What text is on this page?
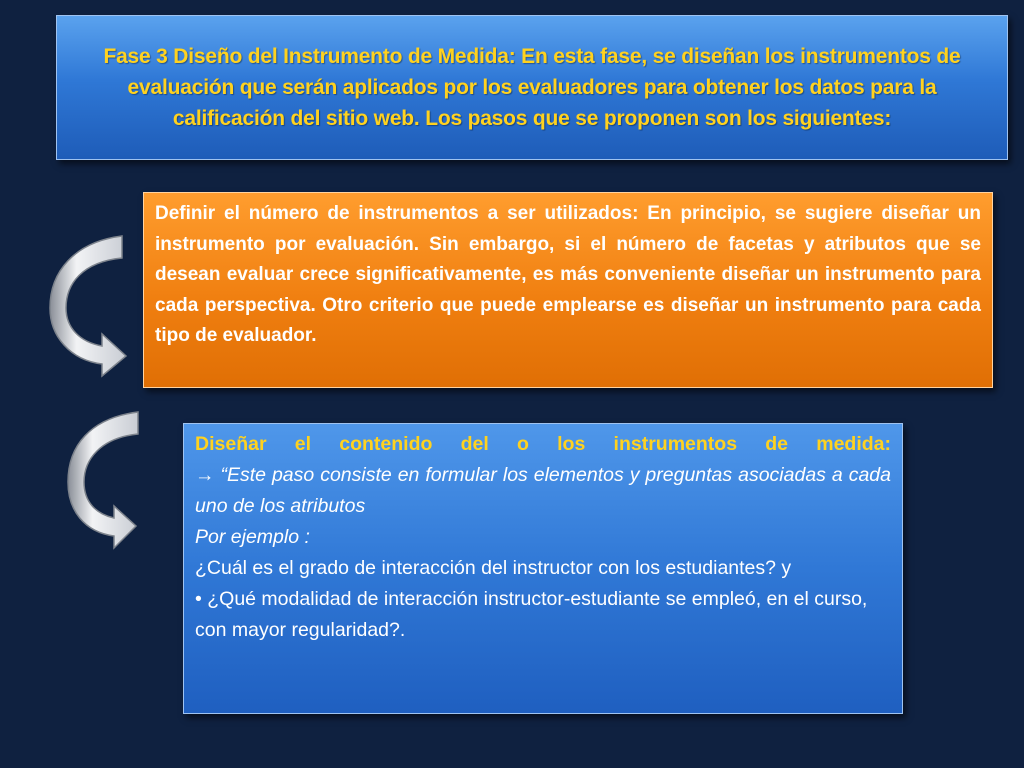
Fase 3 Diseño del Instrumento de Medida: En esta fase, se diseñan los instrumentos de evaluación que serán aplicados por los evaluadores para obtener los datos para la calificación del sitio web. Los pasos que se proponen son los siguientes:

Definir el número de instrumentos a ser utilizados: En principio, se sugiere diseñar un instrumento por evaluación. Sin embargo, si el número de facetas y atributos que se desean evaluar crece significativamente, es más conveniente diseñar un instrumento para cada perspectiva. Otro criterio que puede emplearse es diseñar un instrumento para cada tipo de evaluador.

Diseñar el contenido del o los instrumentos de medida:

→ “Este paso consiste en formular los elementos y preguntas asociadas a cada uno de los atributos

Por ejemplo :

¿Cuál es el grado de interacción del instructor con los estudiantes? y

• ¿Qué modalidad de interacción instructor-estudiante se empleó, en el curso,

con mayor regularidad?.
